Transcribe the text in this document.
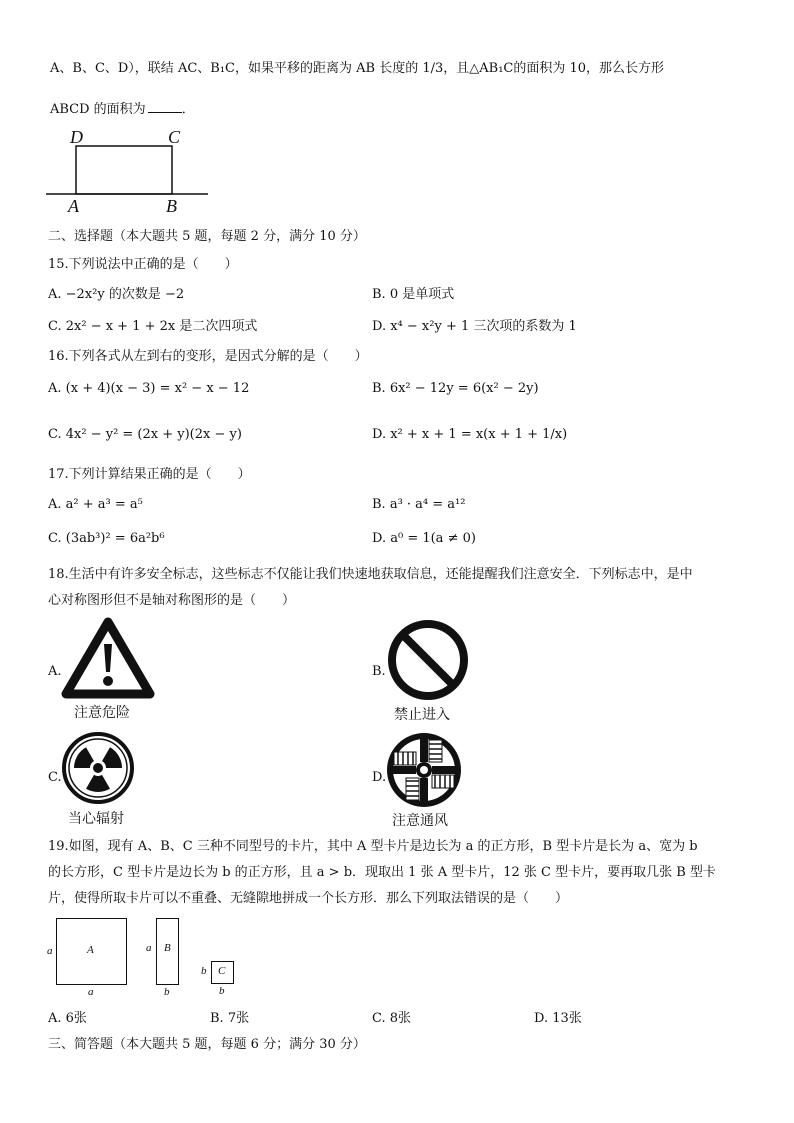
A、B、C、D），联结 AC、B₁C，如果平移的距离为 AB 长度的 1/3，且△AB₁C的面积为 10，那么长方形
ABCD 的面积为	．
D	C
A	B
二、选择题（本大题共 5 题，每题 2 分，满分 10 分）
15.下列说法中正确的是（　　）
A. −2x²y 的次数是 −2	B. 0 是单项式
C. 2x² − x + 1 + 2x 是二次四项式	D. x⁴ − x²y + 1 三次项的系数为 1
16.下列各式从左到右的变形，是因式分解的是（　　）
A. (x + 4)(x − 3) = x² − x − 12	B. 6x² − 12y = 6(x² − 2y)
C. 4x² − y² = (2x + y)(2x − y)	D. x² + x + 1 = x(x + 1 + 1/x)
17.下列计算结果正确的是（　　）
A. a² + a³ = a⁵	B. a³ · a⁴ = a¹²
C. (3ab³)² = 6a²b⁶	D. a⁰ = 1(a ≠ 0)
18.生活中有许多安全标志，这些标志不仅能让我们快速地获取信息，还能提醒我们注意安全．下列标志中，是中
心对称图形但不是轴对称图形的是（　　）
A.
注意危险
B.
禁止进入
C.
当心辐射
D.
注意通风
19.如图，现有 A、B、C 三种不同型号的卡片，其中 A 型卡片是边长为 a 的正方形，B 型卡片是长为 a、宽为 b
的长方形，C 型卡片是边长为 b 的正方形，且 a > b．现取出 1 张 A 型卡片，12 张 C 型卡片，要再取几张 B 型卡
片，使得所取卡片可以不重叠、无缝隙地拼成一个长方形．那么下列取法错误的是（　　）
A
a
a
B
a
b
C
b
b
A. 6张	B. 7张	C. 8张	D. 13张
三、简答题（本大题共 5 题，每题 6 分；满分 30 分）
